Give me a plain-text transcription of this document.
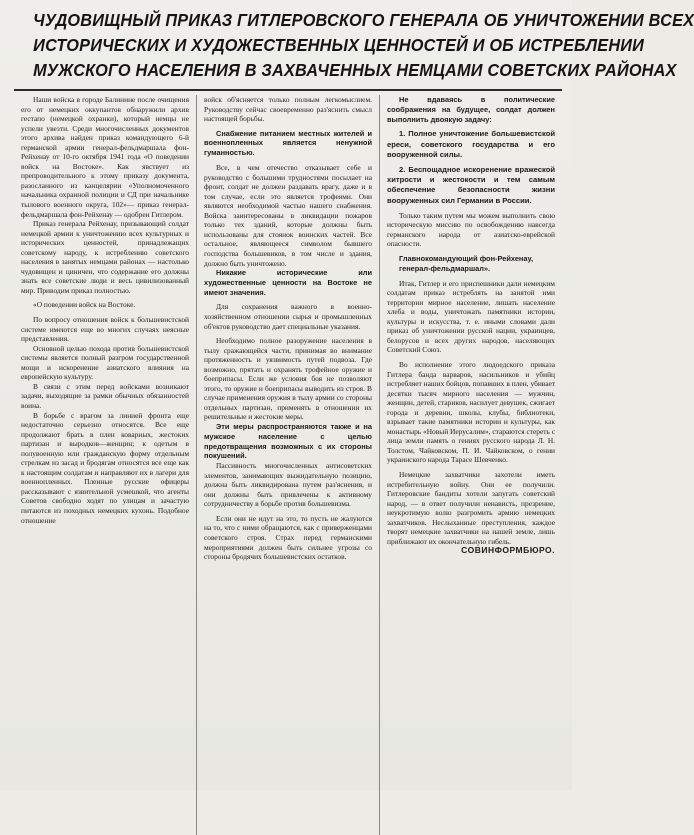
ЧУДОВИЩНЫЙ ПРИКАЗ ГИТЛЕРОВСКОГО ГЕНЕРАЛА ОБ УНИЧТОЖЕНИИ ВСЕХ
ИСТОРИЧЕСКИХ И ХУДОЖЕСТВЕННЫХ ЦЕННОСТЕЙ И ОБ ИСТРЕБЛЕНИИ
МУЖСКОГО НАСЕЛЕНИЯ В ЗАХВАЧЕННЫХ НЕМЦАМИ СОВЕТСКИХ РАЙОНАХ

Наши войска в городе Балинине после очищения его от немецких оккупантов обнаружили архив гестапо (немецкой охранки), который немцы не успели увезти. Среди многочисленных документов этого архива найден приказ командующего 6-й германской армии генерал-фельдмаршала фон-Рейхенау от 10-го октября 1941 года «О поведении войск на Востоке». Как явствует из препроводительного к этому приказу документа, разосланного из канцелярии «Уполномоченного начальника охранной полиции и СД при начальнике тылового военного округа, 102»— приказ генерал-фельдмаршала фон-Рейхенау — одобрен Гитлером.

Приказ генерала Рейхенау, призывающий солдат немецкой армии к уничтожению всех культурных и исторических ценностей, принадлежащих советскому народу, к истреблению советского населения в занятых немцами районах — настолько чудовищен и циничен, что содержание его должны знать все советские люди и весь цивилизованный мир. Приводим приказ полностью.

«О поведении войск на Востоке.

По вопросу отношения войск к большевистской системе имеются еще во многих случаях неясные представления.

Основной целью похода против большевистской системы является полный разгром государственной мощи и искоренение азиатского влияния на европейскую культуру.

В связи с этим перед войсками возникают задачи, выходящие за рамки обычных обязанностей воина.

В борьбе с врагом за линией фронта еще недостаточно серьезно относятся. Все еще продолжают брать в плен коварных, жестоких партизан и выродков—женщин; к одетым в полувоенную или гражданскую форму отдельным стрелкам из засад и бродягам относятся все еще как к настоящим солдатам и направляют их в лагери для военнопленных. Пленные русские офицеры рассказывают с язвительной усмешкой, что агенты Советов свободно ходят по улицам и зачастую питаются из походных немецких кухонь. Подобное отношение

войск об'ясняется только полным легкомыслием. Руководству сейчас своевременно раз'яснить смысл настоящей борьбы.

Снабжение питанием местных жителей и военнопленных является ненужной гуманностью.

Все, в чем отечество отказывает себе и руководство с большими трудностями посылает на фронт, солдат не должен раздавать врагу, даже и в том случае, если это является трофеями. Они являются необходимой частью нашего снабжения. Войска заинтересованы в ликвидации пожаров только тех зданий, которые должны быть использованы для стоянок воинских частей. Все остальное, являющееся символом бывшего господства большевиков, в том числе и здания, должно быть уничтожено.

Никакие исторические или художественные ценности на Востоке не имеют значения.

Для сохранения важного в военно-хозяйственном отношении сырья и промышленных об'ектов руководство дает специальные указания.

Необходимо полное разоружение населения в тылу сражающейся части, принимая во внимание протяженность и уязвимость путей подвоза. Где возможно, прятать и охранять трофейное оружие и боеприпасы. Если же условия боя не позволяют этого, то оружие и боеприпасы выводить из строя. В случае применения оружия в тылу армии со стороны отдельных партизан, применять в отношении их решительные и жестокие меры.

Эти меры распространяются также и на мужское население с целью предотвращения возможных с их стороны покушений.

Пассивность многочисленных антисоветских элементов, занимающих выжидательную позицию, должна быть ликвидирована путем раз'яснения, и они должны быть привлечены к активному сотрудничеству в борьбе против большевизма.

Если они не идут на это, то пусть не жалуются на то, что с ними обращаются, как с приверженцами советского строя. Страх перед германскими мероприятиями должен быть сильнее угрозы со стороны бродячих большевистских остатков.

Не вдаваясь в политические соображения на будущее, солдат должен выполнить двоякую задачу:

1. Полное уничтожение большевистской ереси, советского государства и его вооруженной силы.

2. Беспощадное искоренение вражеской хитрости и жестокости и тем самым обеспечение безопасности жизни вооруженных сил Германии в России.

Только таким путем мы можем выполнить свою историческую миссию по освобождению навсегда германского народа от азиатско-еврейской опасности.

Главнокомандующий фон-Рейхенау,

генерал-фельдмаршал».

Итак, Гитлер и его приспешники дали немецким солдатам приказ истреблять на занятой ими территории мирное население, лишать население хлеба и воды, уничтожать памятники истории, культуры и искусства, т. е. иными словами дали приказ об уничтожении русской нации, украинцев, белорусов и всех других народов, населяющих Советский Союз.

Во исполнение этого людоедского приказа Гитлера банда варваров, насильников и убийц истребляет наших бойцов, попавших в плен, убивает десятки тысяч мирного населения — мужчин, женщин, детей, стариков, насилует девушек, сжигает города и деревни, школы, клубы, библиотеки, взрывает такие памятники истории и культуры, как монастырь «Новый Иерусалим», стараются стереть с лица земли память о гениях русского народа Л. Н. Толстом, Чайковском, П. И. Чайковском, о гении украинского народа Тарасе Шевченко.

Немецкие захватчики захотели иметь истребительную войну. Они ее получили. Гитлеровские бандиты хотели запугать советский народ, — в ответ получили ненависть, презрение, неукротимую волю разгромить армию немецких захватчиков. Неслыханные преступления, каждое творят немецкие захватчики на нашей земле, лишь приближают их окончательную гибель.

СОВИНФОРМБЮРО.
